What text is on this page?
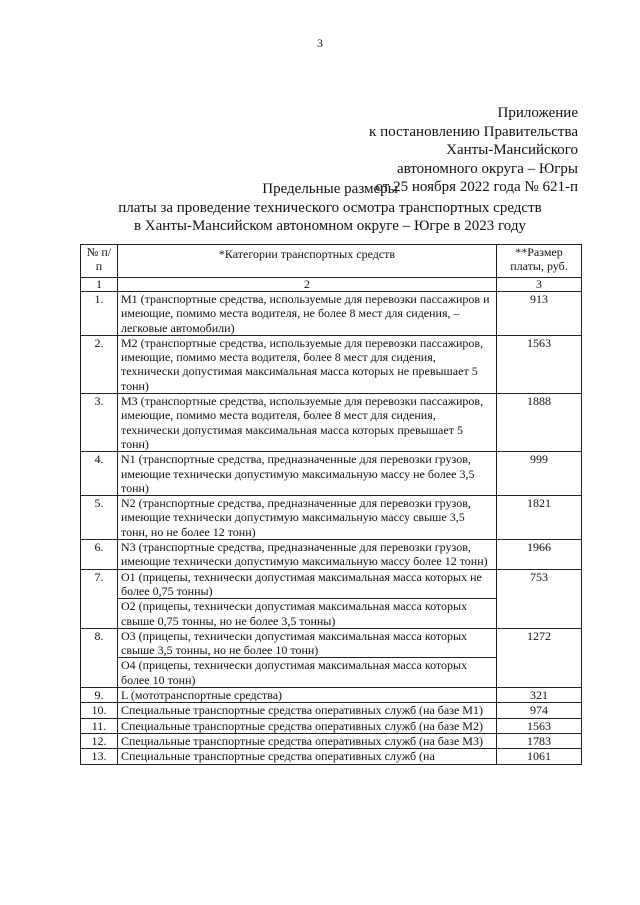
3
Приложение
к постановлению Правительства
Ханты-Мансийского
автономного округа – Югры
от 25 ноября 2022 года № 621-п
Предельные размеры
платы за проведение технического осмотра транспортных средств
в Ханты-Мансийском автономном округе – Югре в 2023 году
№ п/п	*Категории транспортных средств	**Размер платы, руб.
1	2	3
1.	M1 (транспортные средства, используемые для перевозки пассажиров и имеющие, помимо места водителя, не более 8 мест для сидения, – легковые автомобили)	913
2.	M2 (транспортные средства, используемые для перевозки пассажиров, имеющие, помимо места водителя, более 8 мест для сидения, технически допустимая максимальная масса которых не превышает 5 тонн)	1563
3.	M3 (транспортные средства, используемые для перевозки пассажиров, имеющие, помимо места водителя, более 8 мест для сидения, технически допустимая максимальная масса которых превышает 5 тонн)	1888
4.	N1 (транспортные средства, предназначенные для перевозки грузов, имеющие технически допустимую максимальную массу не более 3,5 тонн)	999
5.	N2 (транспортные средства, предназначенные для перевозки грузов, имеющие технически допустимую максимальную массу свыше 3,5 тонн, но не более 12 тонн)	1821
6.	N3 (транспортные средства, предназначенные для перевозки грузов, имеющие технически допустимую максимальную массу более 12 тонн)	1966
7.	O1 (прицепы, технически допустимая максимальная масса которых не более 0,75 тонны)	753
	O2 (прицепы, технически допустимая максимальная масса которых свыше 0,75 тонны, но не более 3,5 тонны)	
8.	O3 (прицепы, технически допустимая максимальная масса которых свыше 3,5 тонны, но не более 10 тонн)	1272
	O4 (прицепы, технически допустимая максимальная масса которых более 10 тонн)	
9.	L (мототранспортные средства)	321
10.	Специальные транспортные средства оперативных служб (на базе M1)	974
11.	Специальные транспортные средства оперативных служб (на базе M2)	1563
12.	Специальные транспортные средства оперативных служб (на базе M3)	1783
13.	Специальные транспортные средства оперативных служб (на	1061
